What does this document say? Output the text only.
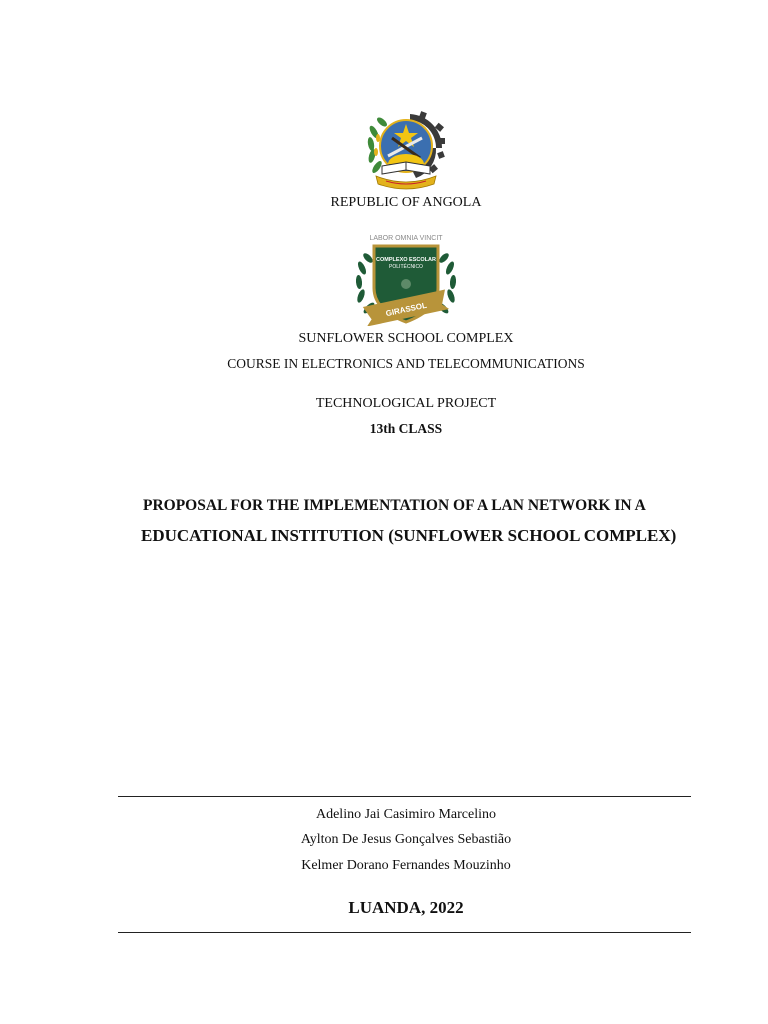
REPUBLIC OF ANGOLA
LABOR OMNIA VINCIT
COMPLEXO ESCOLAR
POLITÉCNICO
GIRASSOL
SUNFLOWER SCHOOL COMPLEX
COURSE IN ELECTRONICS AND TELECOMMUNICATIONS
TECHNOLOGICAL PROJECT
13th CLASS
PROPOSAL FOR THE IMPLEMENTATION OF A LAN NETWORK IN A
EDUCATIONAL INSTITUTION (SUNFLOWER SCHOOL COMPLEX)
Adelino Jai Casimiro Marcelino
Aylton De Jesus Gonçalves Sebastião
Kelmer Dorano Fernandes Mouzinho
LUANDA, 2022
